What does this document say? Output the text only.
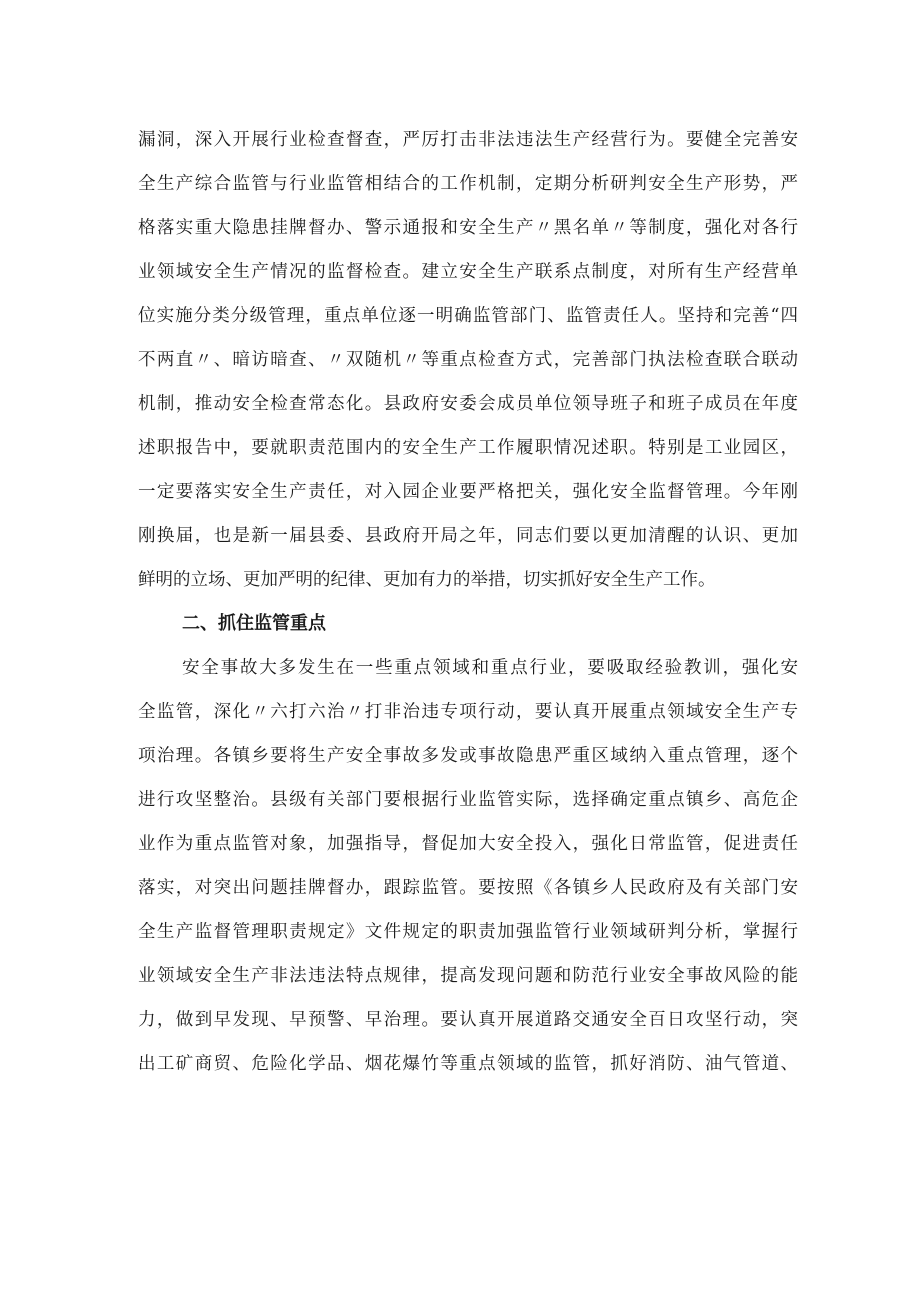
漏洞，深入开展行业检查督查，严厉打击非法违法生产经营行为。要健全完善安
全生产综合监管与行业监管相结合的工作机制，定期分析研判安全生产形势，严
格落实重大隐患挂牌督办、警示通报和安全生产〃黑名单〃等制度，强化对各行
业领域安全生产情况的监督检查。建立安全生产联系点制度，对所有生产经营单
位实施分类分级管理，重点单位逐一明确监管部门、监管责任人。坚持和完善“四
不两直〃、暗访暗查、〃双随机〃等重点检查方式，完善部门执法检查联合联动
机制，推动安全检查常态化。县政府安委会成员单位领导班子和班子成员在年度
述职报告中，要就职责范围内的安全生产工作履职情况述职。特别是工业园区，
一定要落实安全生产责任，对入园企业要严格把关，强化安全监督管理。今年刚
刚换届，也是新一届县委、县政府开局之年，同志们要以更加清醒的认识、更加
鲜明的立场、更加严明的纪律、更加有力的举措，切实抓好安全生产工作。
二、抓住监管重点
安全事故大多发生在一些重点领域和重点行业，要吸取经验教训，强化安
全监管，深化〃六打六治〃打非治违专项行动，要认真开展重点领域安全生产专
项治理。各镇乡要将生产安全事故多发或事故隐患严重区域纳入重点管理，逐个
进行攻坚整治。县级有关部门要根据行业监管实际，选择确定重点镇乡、高危企
业作为重点监管对象，加强指导，督促加大安全投入，强化日常监管，促进责任
落实，对突出问题挂牌督办，跟踪监管。要按照《各镇乡人民政府及有关部门安
全生产监督管理职责规定》文件规定的职责加强监管行业领域研判分析，掌握行
业领域安全生产非法违法特点规律，提高发现问题和防范行业安全事故风险的能
力，做到早发现、早预警、早治理。要认真开展道路交通安全百日攻坚行动，突
出工矿商贸、危险化学品、烟花爆竹等重点领域的监管，抓好消防、油气管道、
